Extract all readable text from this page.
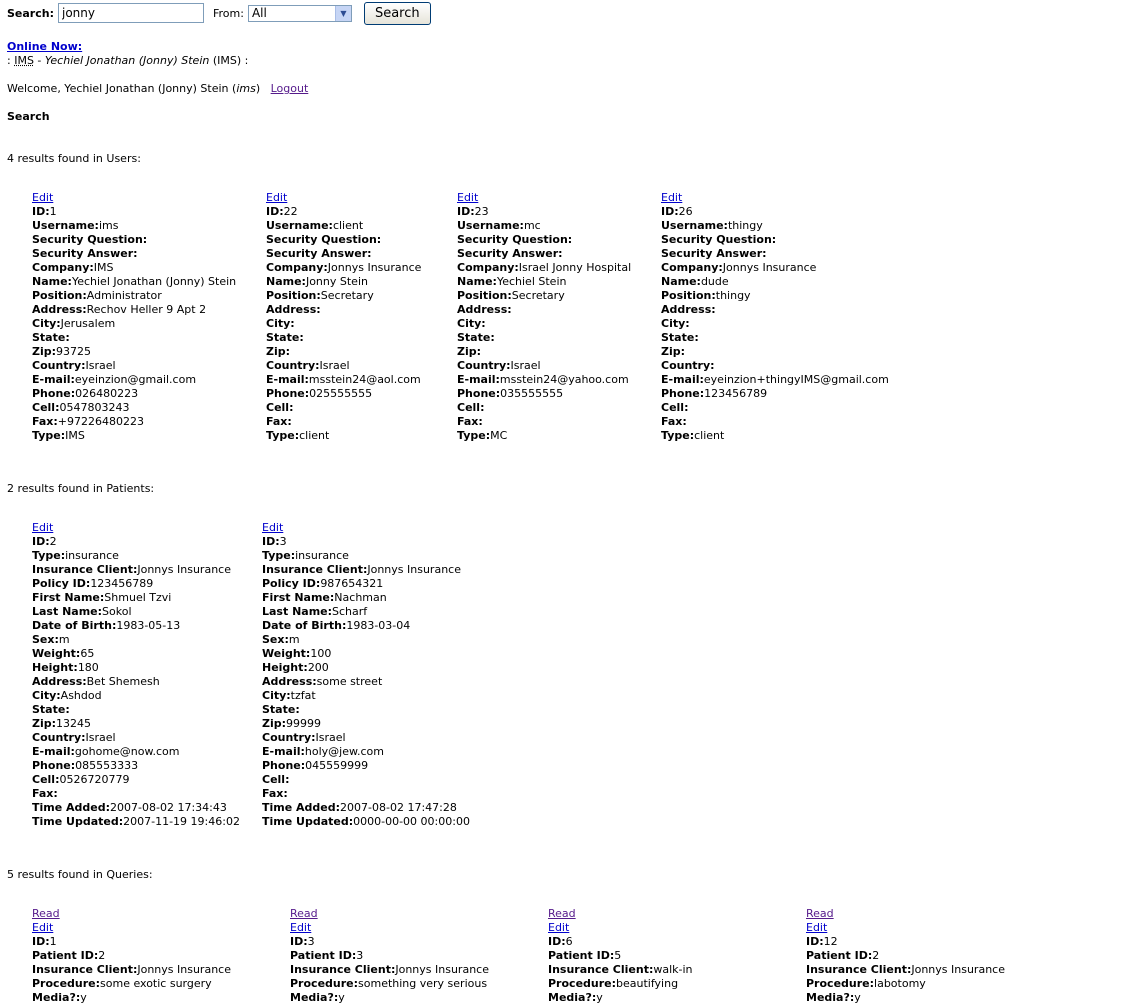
Search:
jonny	From: All	▼	Search
Online Now:
: IMS - Yechiel Jonathan (Jonny) Stein (IMS) :
Welcome, Yechiel Jonathan (Jonny) Stein (ims) Logout
Search
4 results found in Users:
Edit
ID:1
Username:ims
Security Question:
Security Answer:
Company:IMS
Name:Yechiel Jonathan (Jonny) Stein
Position:Administrator
Address:Rechov Heller 9 Apt 2
City:Jerusalem
State:
Zip:93725
Country:Israel
E-mail:eyeinzion@gmail.com
Phone:026480223
Cell:0547803243
Fax:+97226480223
Type:IMS
Edit
ID:22
Username:client
Security Question:
Security Answer:
Company:Jonnys Insurance
Name:Jonny Stein
Position:Secretary
Address:
City:
State:
Zip:
Country:Israel
E-mail:msstein24@aol.com
Phone:025555555
Cell:
Fax:
Type:client
Edit
ID:23
Username:mc
Security Question:
Security Answer:
Company:Israel Jonny Hospital
Name:Yechiel Stein
Position:Secretary
Address:
City:
State:
Zip:
Country:Israel
E-mail:msstein24@yahoo.com
Phone:035555555
Cell:
Fax:
Type:MC
Edit
ID:26
Username:thingy
Security Question:
Security Answer:
Company:Jonnys Insurance
Name:dude
Position:thingy
Address:
City:
State:
Zip:
Country:
E-mail:eyeinzion+thingyIMS@gmail.com
Phone:123456789
Cell:
Fax:
Type:client
2 results found in Patients:
Edit
ID:2
Type:insurance
Insurance Client:Jonnys Insurance
Policy ID:123456789
First Name:Shmuel Tzvi
Last Name:Sokol
Date of Birth:1983-05-13
Sex:m
Weight:65
Height:180
Address:Bet Shemesh
City:Ashdod
State:
Zip:13245
Country:Israel
E-mail:gohome@now.com
Phone:085553333
Cell:0526720779
Fax:
Time Added:2007-08-02 17:34:43
Time Updated:2007-11-19 19:46:02
Edit
ID:3
Type:insurance
Insurance Client:Jonnys Insurance
Policy ID:987654321
First Name:Nachman
Last Name:Scharf
Date of Birth:1983-03-04
Sex:m
Weight:100
Height:200
Address:some street
City:tzfat
State:
Zip:99999
Country:Israel
E-mail:holy@jew.com
Phone:045559999
Cell:
Fax:
Time Added:2007-08-02 17:47:28
Time Updated:0000-00-00 00:00:00
5 results found in Queries:
Read
Edit
ID:1
Patient ID:2
Insurance Client:Jonnys Insurance
Procedure:some exotic surgery
Media?:y
Read
Edit
ID:3
Patient ID:3
Insurance Client:Jonnys Insurance
Procedure:something very serious
Media?:y
Read
Edit
ID:6
Patient ID:5
Insurance Client:walk-in
Procedure:beautifying
Media?:y
Read
Edit
ID:12
Patient ID:2
Insurance Client:Jonnys Insurance
Procedure:labotomy
Media?:y
